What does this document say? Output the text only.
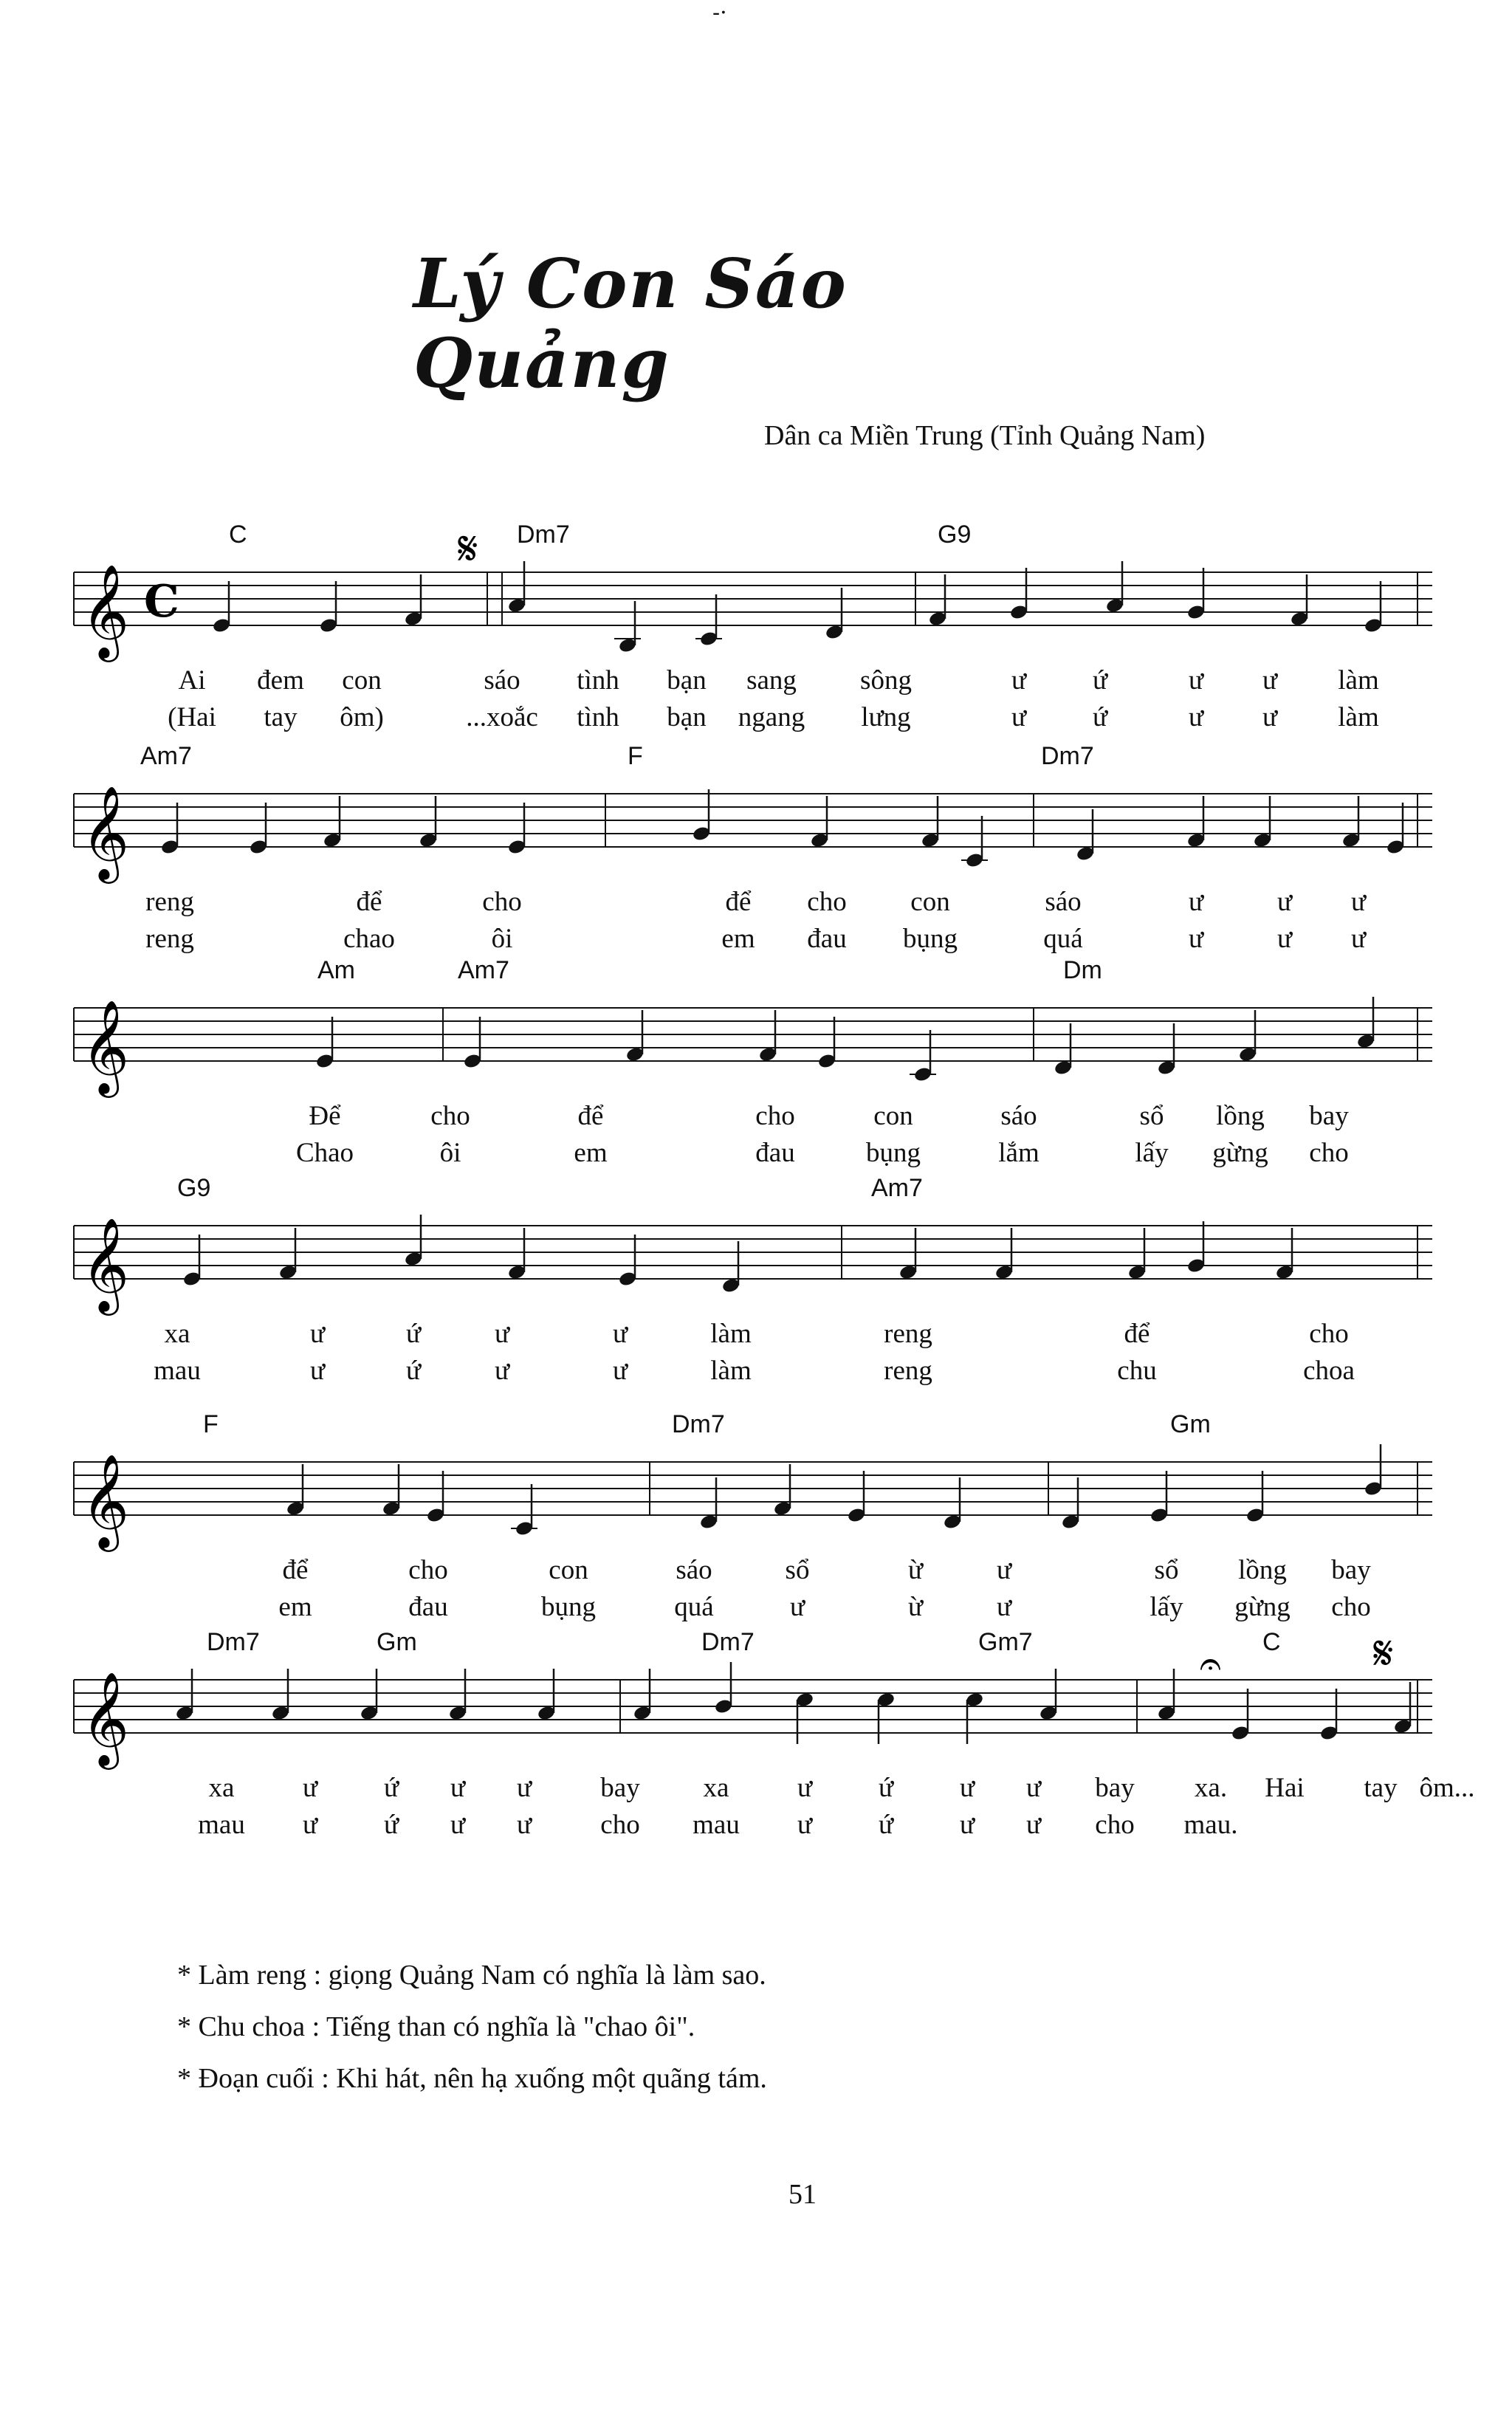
-·
Lý Con Sáo Quảng
Dân ca Miền Trung (Tỉnh Quảng Nam)
𝄞 C
𝄋
C	Dm7	G9
Ai đem con	sáo tình bạn sang sông	ư ứ	ư ư làm
(Hai tay ôm)	...xoắc tình bạn ngang lưng	ư ứ	ư ư làm
𝄞
Am7	F	Dm7
reng	để	cho	để cho con	sáo	ư	ư ư
reng	chao	ôi	em đau bụng	quá	ư	ư ư
𝄞
Am	Am7	Dm
Để	cho	để	cho	con	sáo	sổ lồng bay
Chao	ôi	em	đau	bụng	lắm	lấy gừng cho
𝄞
G9	Am7
xa	ư	ứ	ư	ư	làm	reng	để	cho
mau	ư	ứ	ư	ư	làm	reng	chu	choa
𝄞
F	Dm7	Gm
để	cho	con	sáo	sổ	ừ	ư	sổ lồng bay
em	đau	bụng	quá	ư	ừ	ư	lấy gừng cho
𝄞
𝄐	𝄋
Dm7	Gm	Dm7	Gm7	C
xa	ư ứ ư ư	bay xa	ư ứ ư ư bay xa. Hai tay ôm...
mau ư ứ ư ư	cho mau ư ứ ư ư cho mau.
* Làm reng : giọng Quảng Nam có nghĩa là làm sao.
* Chu choa : Tiếng than có nghĩa là "chao ôi".
* Đoạn cuối : Khi hát, nên hạ xuống một quãng tám.
51
